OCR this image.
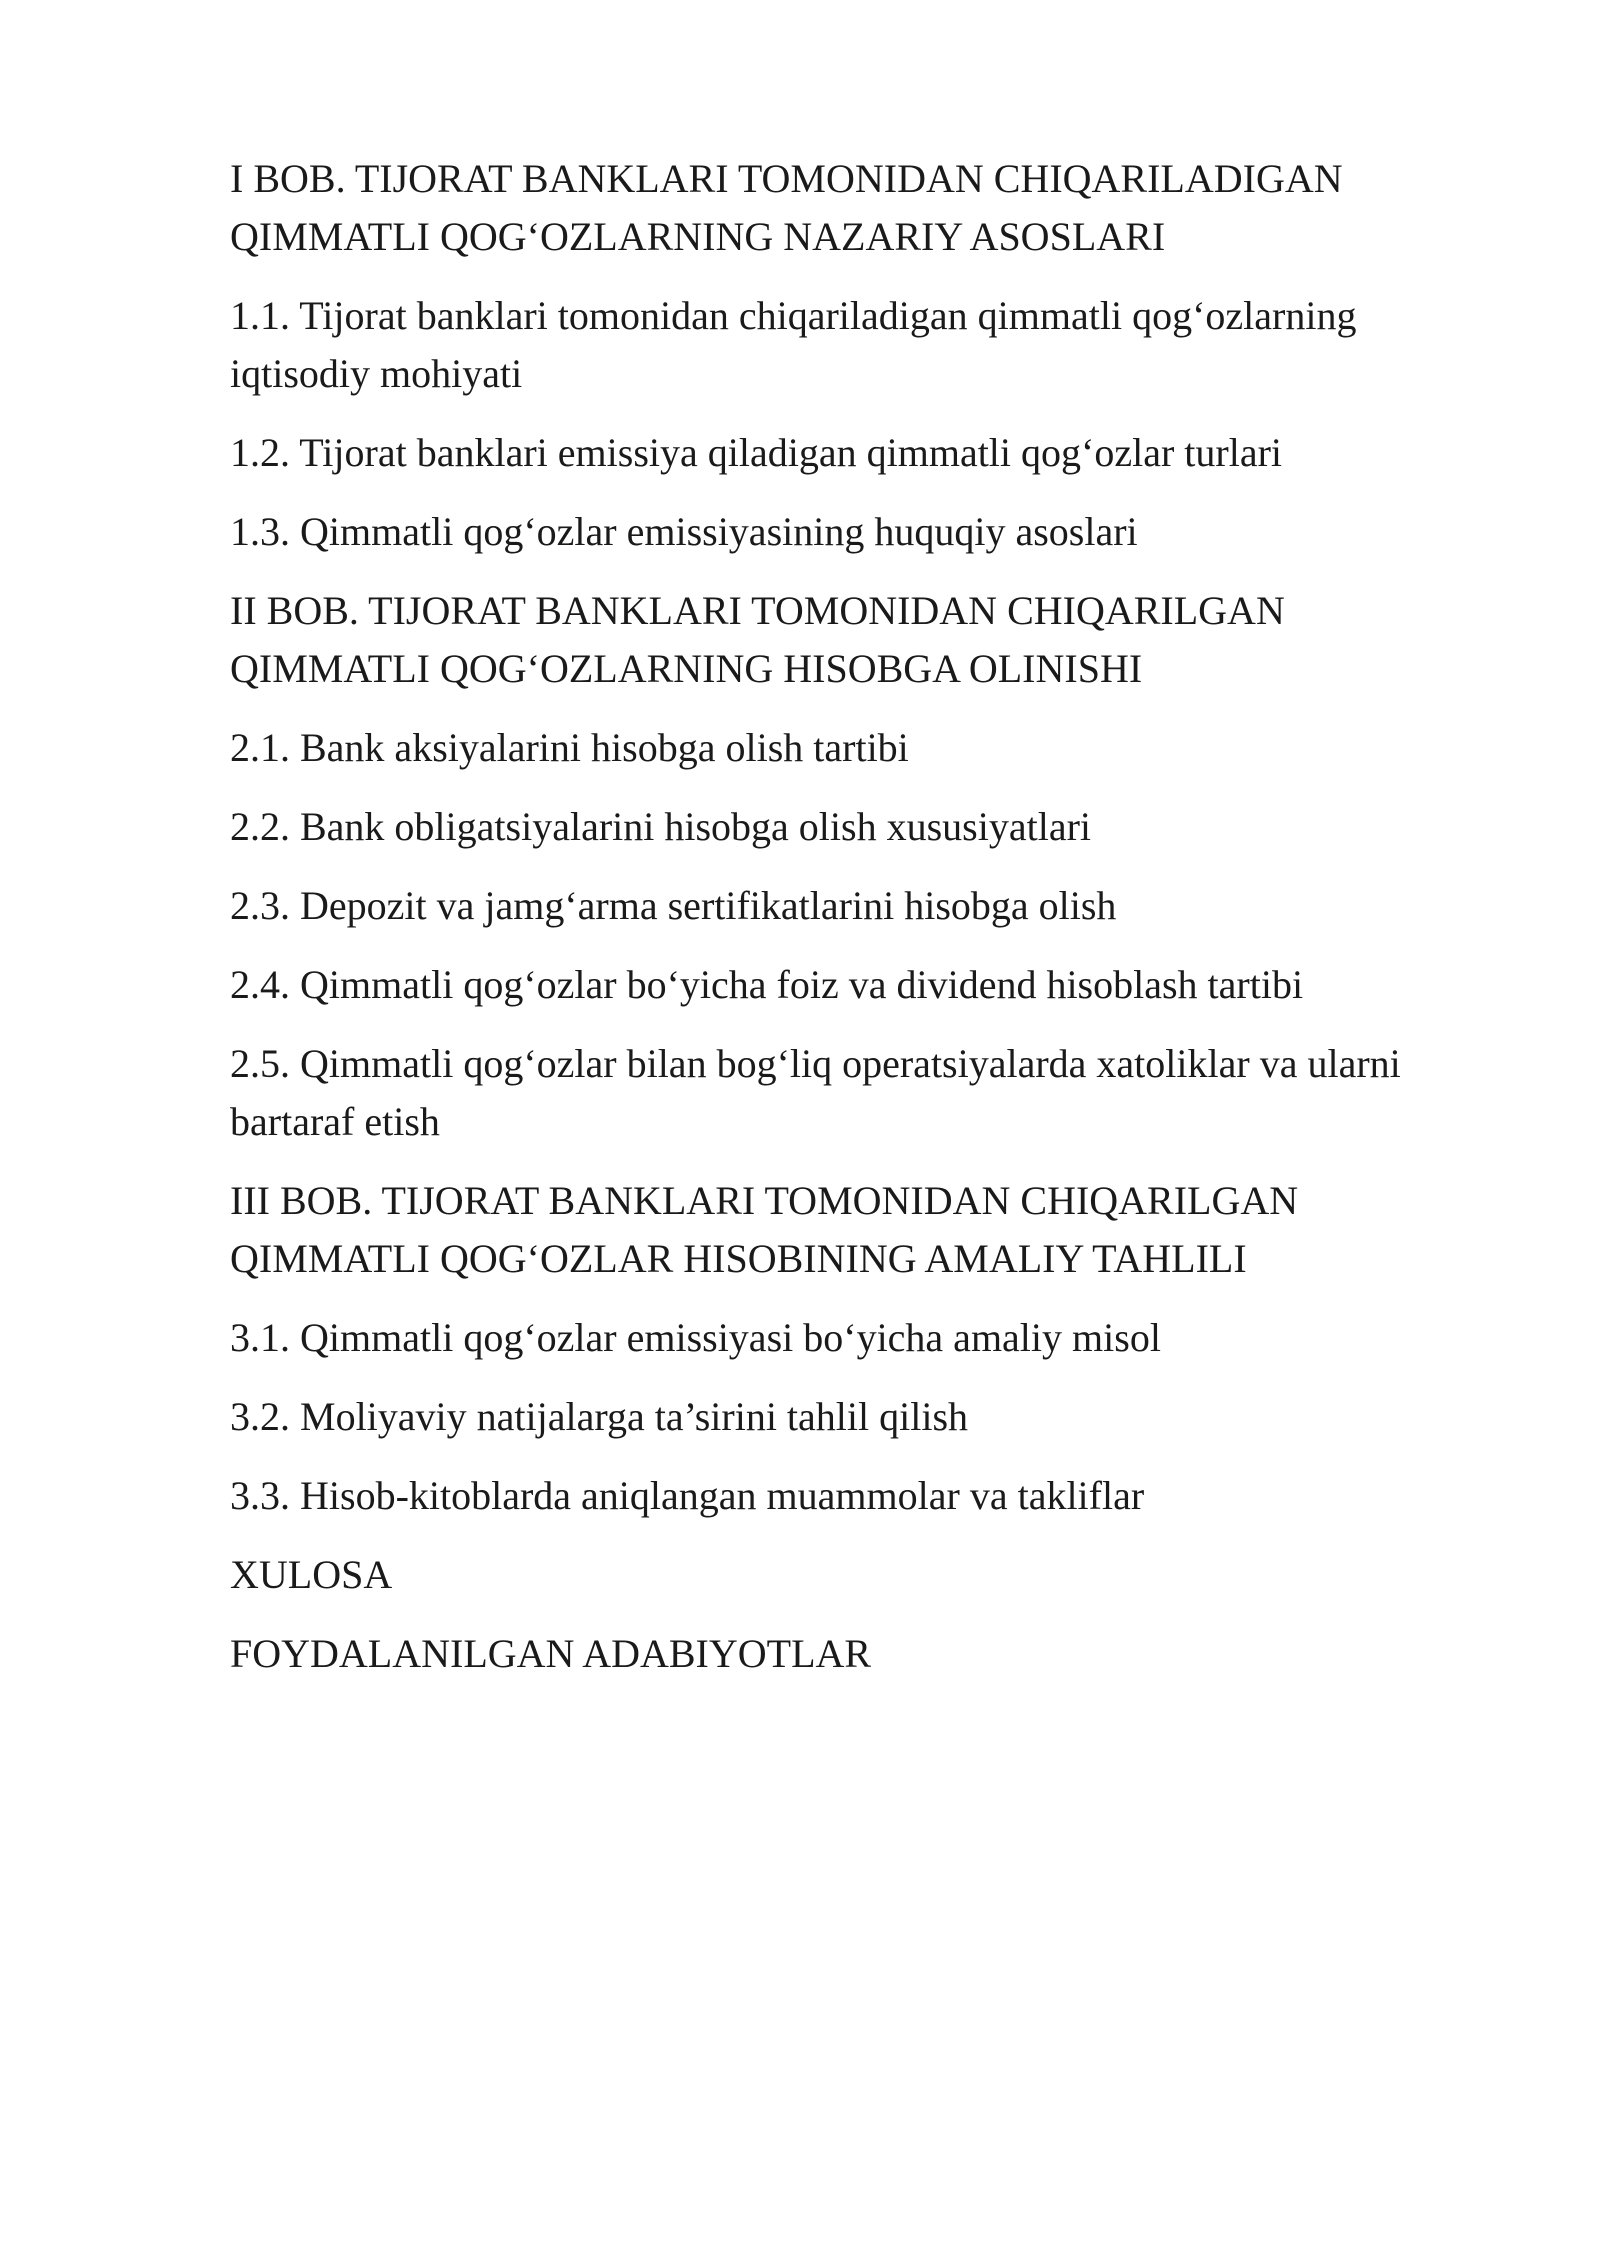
I BOB. TIJORAT BANKLARI TOMONIDAN CHIQARILADIGAN QIMMATLI QOG‘OZLARNING NAZARIY ASOSLARI
1.1. Tijorat banklari tomonidan chiqariladigan qimmatli qog‘ozlarning iqtisodiy mohiyati
1.2. Tijorat banklari emissiya qiladigan qimmatli qog‘ozlar turlari
1.3. Qimmatli qog‘ozlar emissiyasining huquqiy asoslari
II BOB. TIJORAT BANKLARI TOMONIDAN CHIQARILGAN QIMMATLI QOG‘OZLARNING HISOBGA OLINISHI
2.1. Bank aksiyalarini hisobga olish tartibi
2.2. Bank obligatsiyalarini hisobga olish xususiyatlari
2.3. Depozit va jamg‘arma sertifikatlarini hisobga olish
2.4. Qimmatli qog‘ozlar bo‘yicha foiz va dividend hisoblash tartibi
2.5. Qimmatli qog‘ozlar bilan bog‘liq operatsiyalarda xatoliklar va ularni bartaraf etish
III BOB. TIJORAT BANKLARI TOMONIDAN CHIQARILGAN QIMMATLI QOG‘OZLAR HISOBINING AMALIY TAHLILI
3.1. Qimmatli qog‘ozlar emissiyasi bo‘yicha amaliy misol
3.2. Moliyaviy natijalarga ta’sirini tahlil qilish
3.3. Hisob-kitoblarda aniqlangan muammolar va takliflar
XULOSA
FOYDALANILGAN ADABIYOTLAR
